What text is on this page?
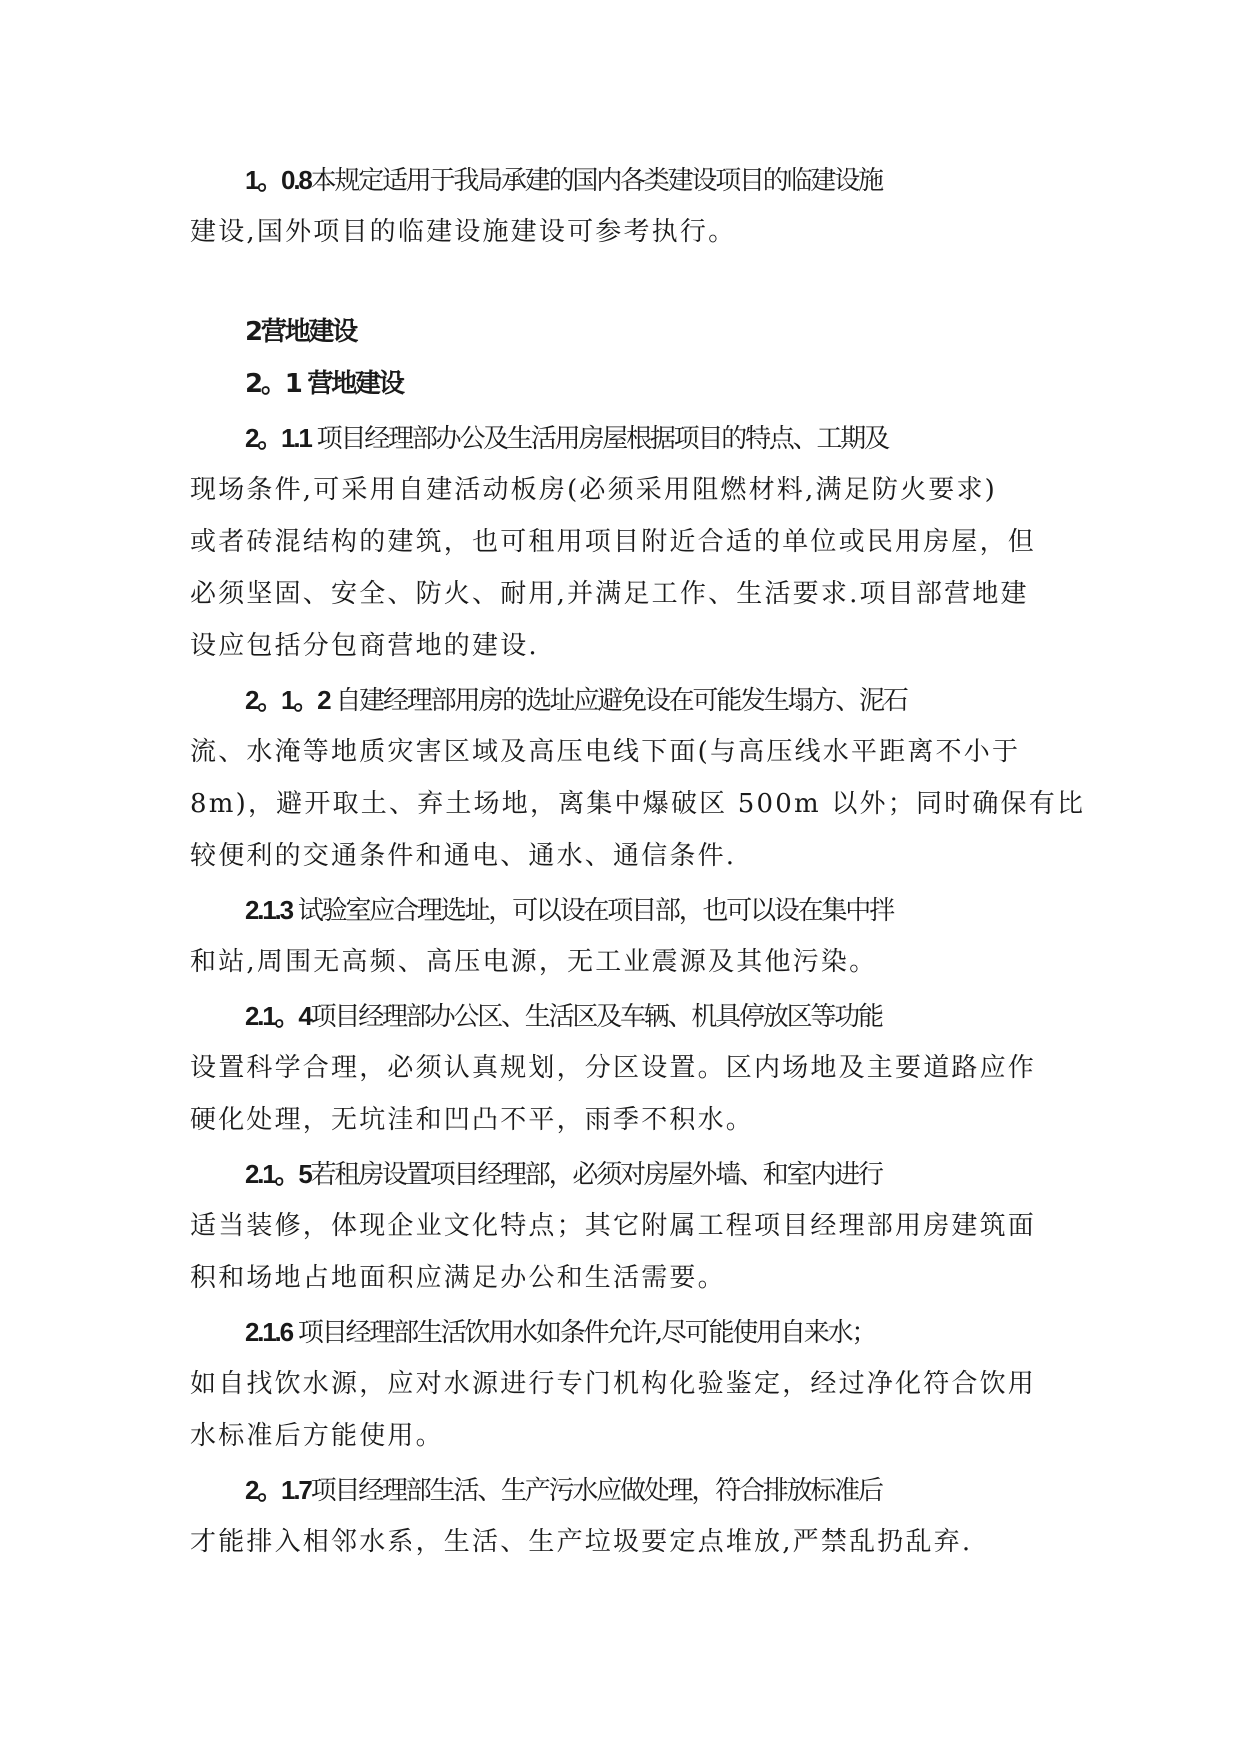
1。0.8本规定适用于我局承建的国内各类建设项目的临建设施
建设,国外项目的临建设施建设可参考执行。
2营地建设
2。1 营地建设
2。1.1 项目经理部办公及生活用房屋根据项目的特点、工期及
现场条件,可采用自建活动板房(必须采用阻燃材料,满足防火要求)
或者砖混结构的建筑，也可租用项目附近合适的单位或民用房屋，但
必须坚固、安全、防火、耐用,并满足工作、生活要求.项目部营地建
设应包括分包商营地的建设.
2。1。2 自建经理部用房的选址应避免设在可能发生塌方、泥石
流、水淹等地质灾害区域及高压电线下面(与高压线水平距离不小于
8m)，避开取土、弃土场地，离集中爆破区 500m 以外；同时确保有比
较便利的交通条件和通电、通水、通信条件.
2.1.3 试验室应合理选址，可以设在项目部，也可以设在集中拌
和站,周围无高频、高压电源，无工业震源及其他污染。
2.1。4项目经理部办公区、生活区及车辆、机具停放区等功能
设置科学合理，必须认真规划，分区设置。区内场地及主要道路应作
硬化处理，无坑洼和凹凸不平，雨季不积水。
2.1。5若租房设置项目经理部，必须对房屋外墙、和室内进行
适当装修，体现企业文化特点；其它附属工程项目经理部用房建筑面
积和场地占地面积应满足办公和生活需要。
2.1.6 项目经理部生活饮用水如条件允许,尽可能使用自来水；
如自找饮水源，应对水源进行专门机构化验鉴定，经过净化符合饮用
水标准后方能使用。
2。1.7项目经理部生活、生产污水应做处理，符合排放标准后
才能排入相邻水系，生活、生产垃圾要定点堆放,严禁乱扔乱弃.
